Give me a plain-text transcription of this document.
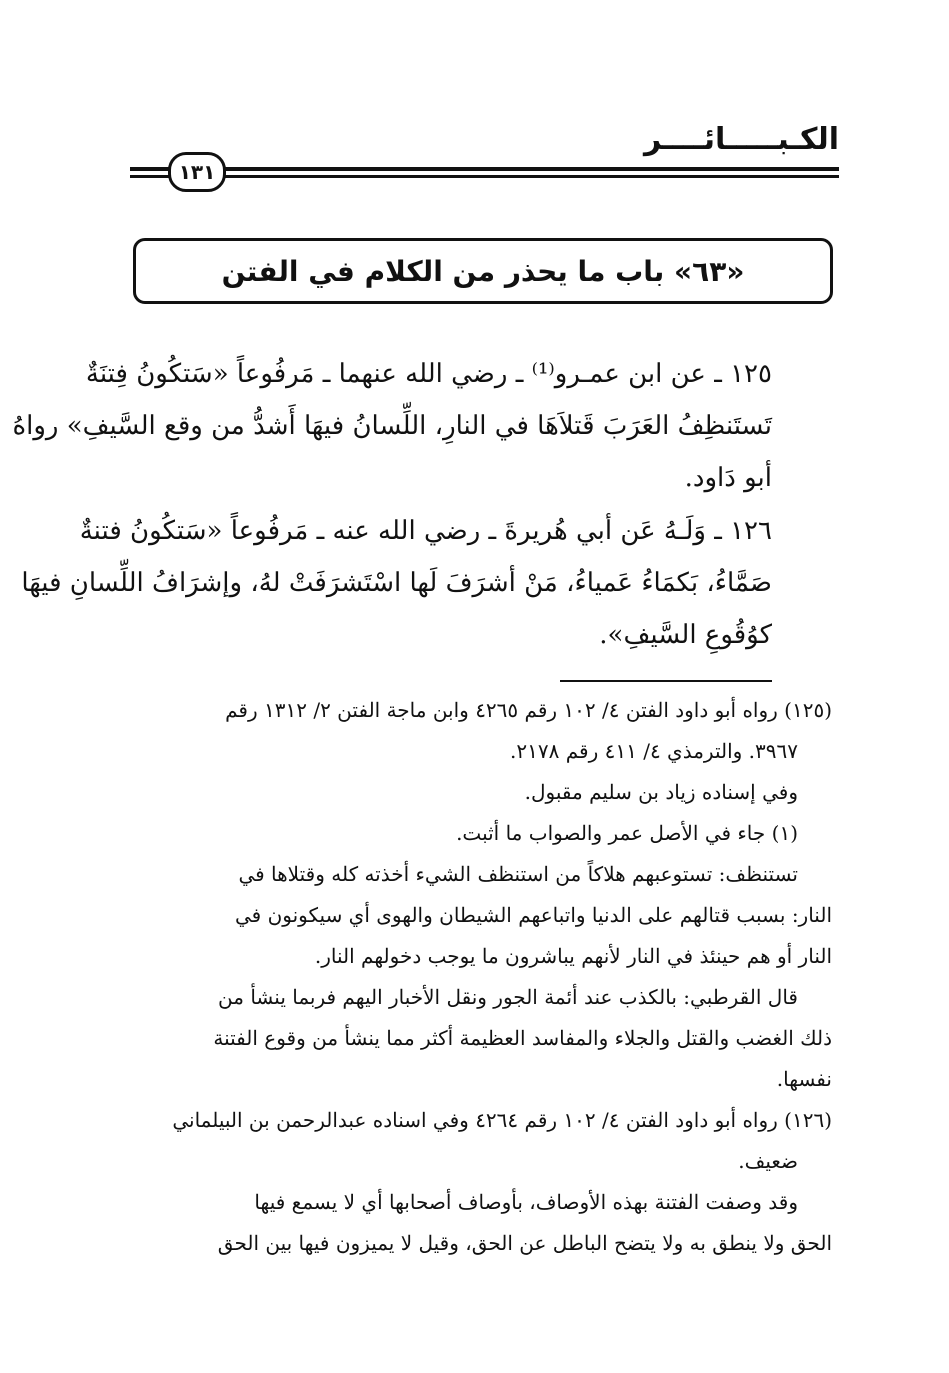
الكـبـــــائــــر
١٣١
«٦٣» باب ما يحذر من الكلام في الفتن
١٢٥ ـ عن ابن عمـرو⁽¹⁾ ـ رضي الله عنهما ـ مَرفُوعاً «سَتكُونُ فِتنَةٌ
تَستَنظِفُ العَرَبَ قَتلاَهَا في النارِ، اللِّسانُ فيهَا أَشدُّ من وقع السَّيفِ» رواهُ
أبو دَاود.
١٢٦ ـ وَلَـهُ عَن أبي هُريرةَ ـ رضي الله عنه ـ مَرفُوعاً «سَتكُونُ فتنةٌ
صَمَّاءُ، بَكمَاءُ عَمياءُ، مَنْ أشرَفَ لَها اسْتَشرَفَتْ لهُ، وإشرَافُ اللِّسانِ فيهَا
كوُقُوعِ السَّيفِ».
(١٢٥) رواه أبو داود الفتن ٤/ ١٠٢ رقم ٤٢٦٥ وابن ماجة الفتن ٢/ ١٣١٢ رقم
٣٩٦٧. والترمذي ٤/ ٤١١ رقم ٢١٧٨.
وفي إسناده زياد بن سليم مقبول.
(١) جاء في الأصل عمر والصواب ما أثبت.
تستنظف: تستوعبهم هلاكاً من استنظف الشيء أخذته كله وقتلاها في
النار: بسبب قتالهم على الدنيا واتباعهم الشيطان والهوى أي سيكونون في
النار أو هم حينئذ في النار لأنهم يباشرون ما يوجب دخولهم النار.
قال القرطبي: بالكذب عند أئمة الجور ونقل الأخبار اليهم فربما ينشأ من
ذلك الغضب والقتل والجلاء والمفاسد العظيمة أكثر مما ينشأ من وقوع الفتنة
نفسها.
(١٢٦) رواه أبو داود الفتن ٤/ ١٠٢ رقم ٤٢٦٤ وفي اسناده عبدالرحمن بن البيلماني
ضعيف.
وقد وصفت الفتنة بهذه الأوصاف، بأوصاف أصحابها أي لا يسمع فيها
الحق ولا ينطق به ولا يتضح الباطل عن الحق، وقيل لا يميزون فيها بين الحق
